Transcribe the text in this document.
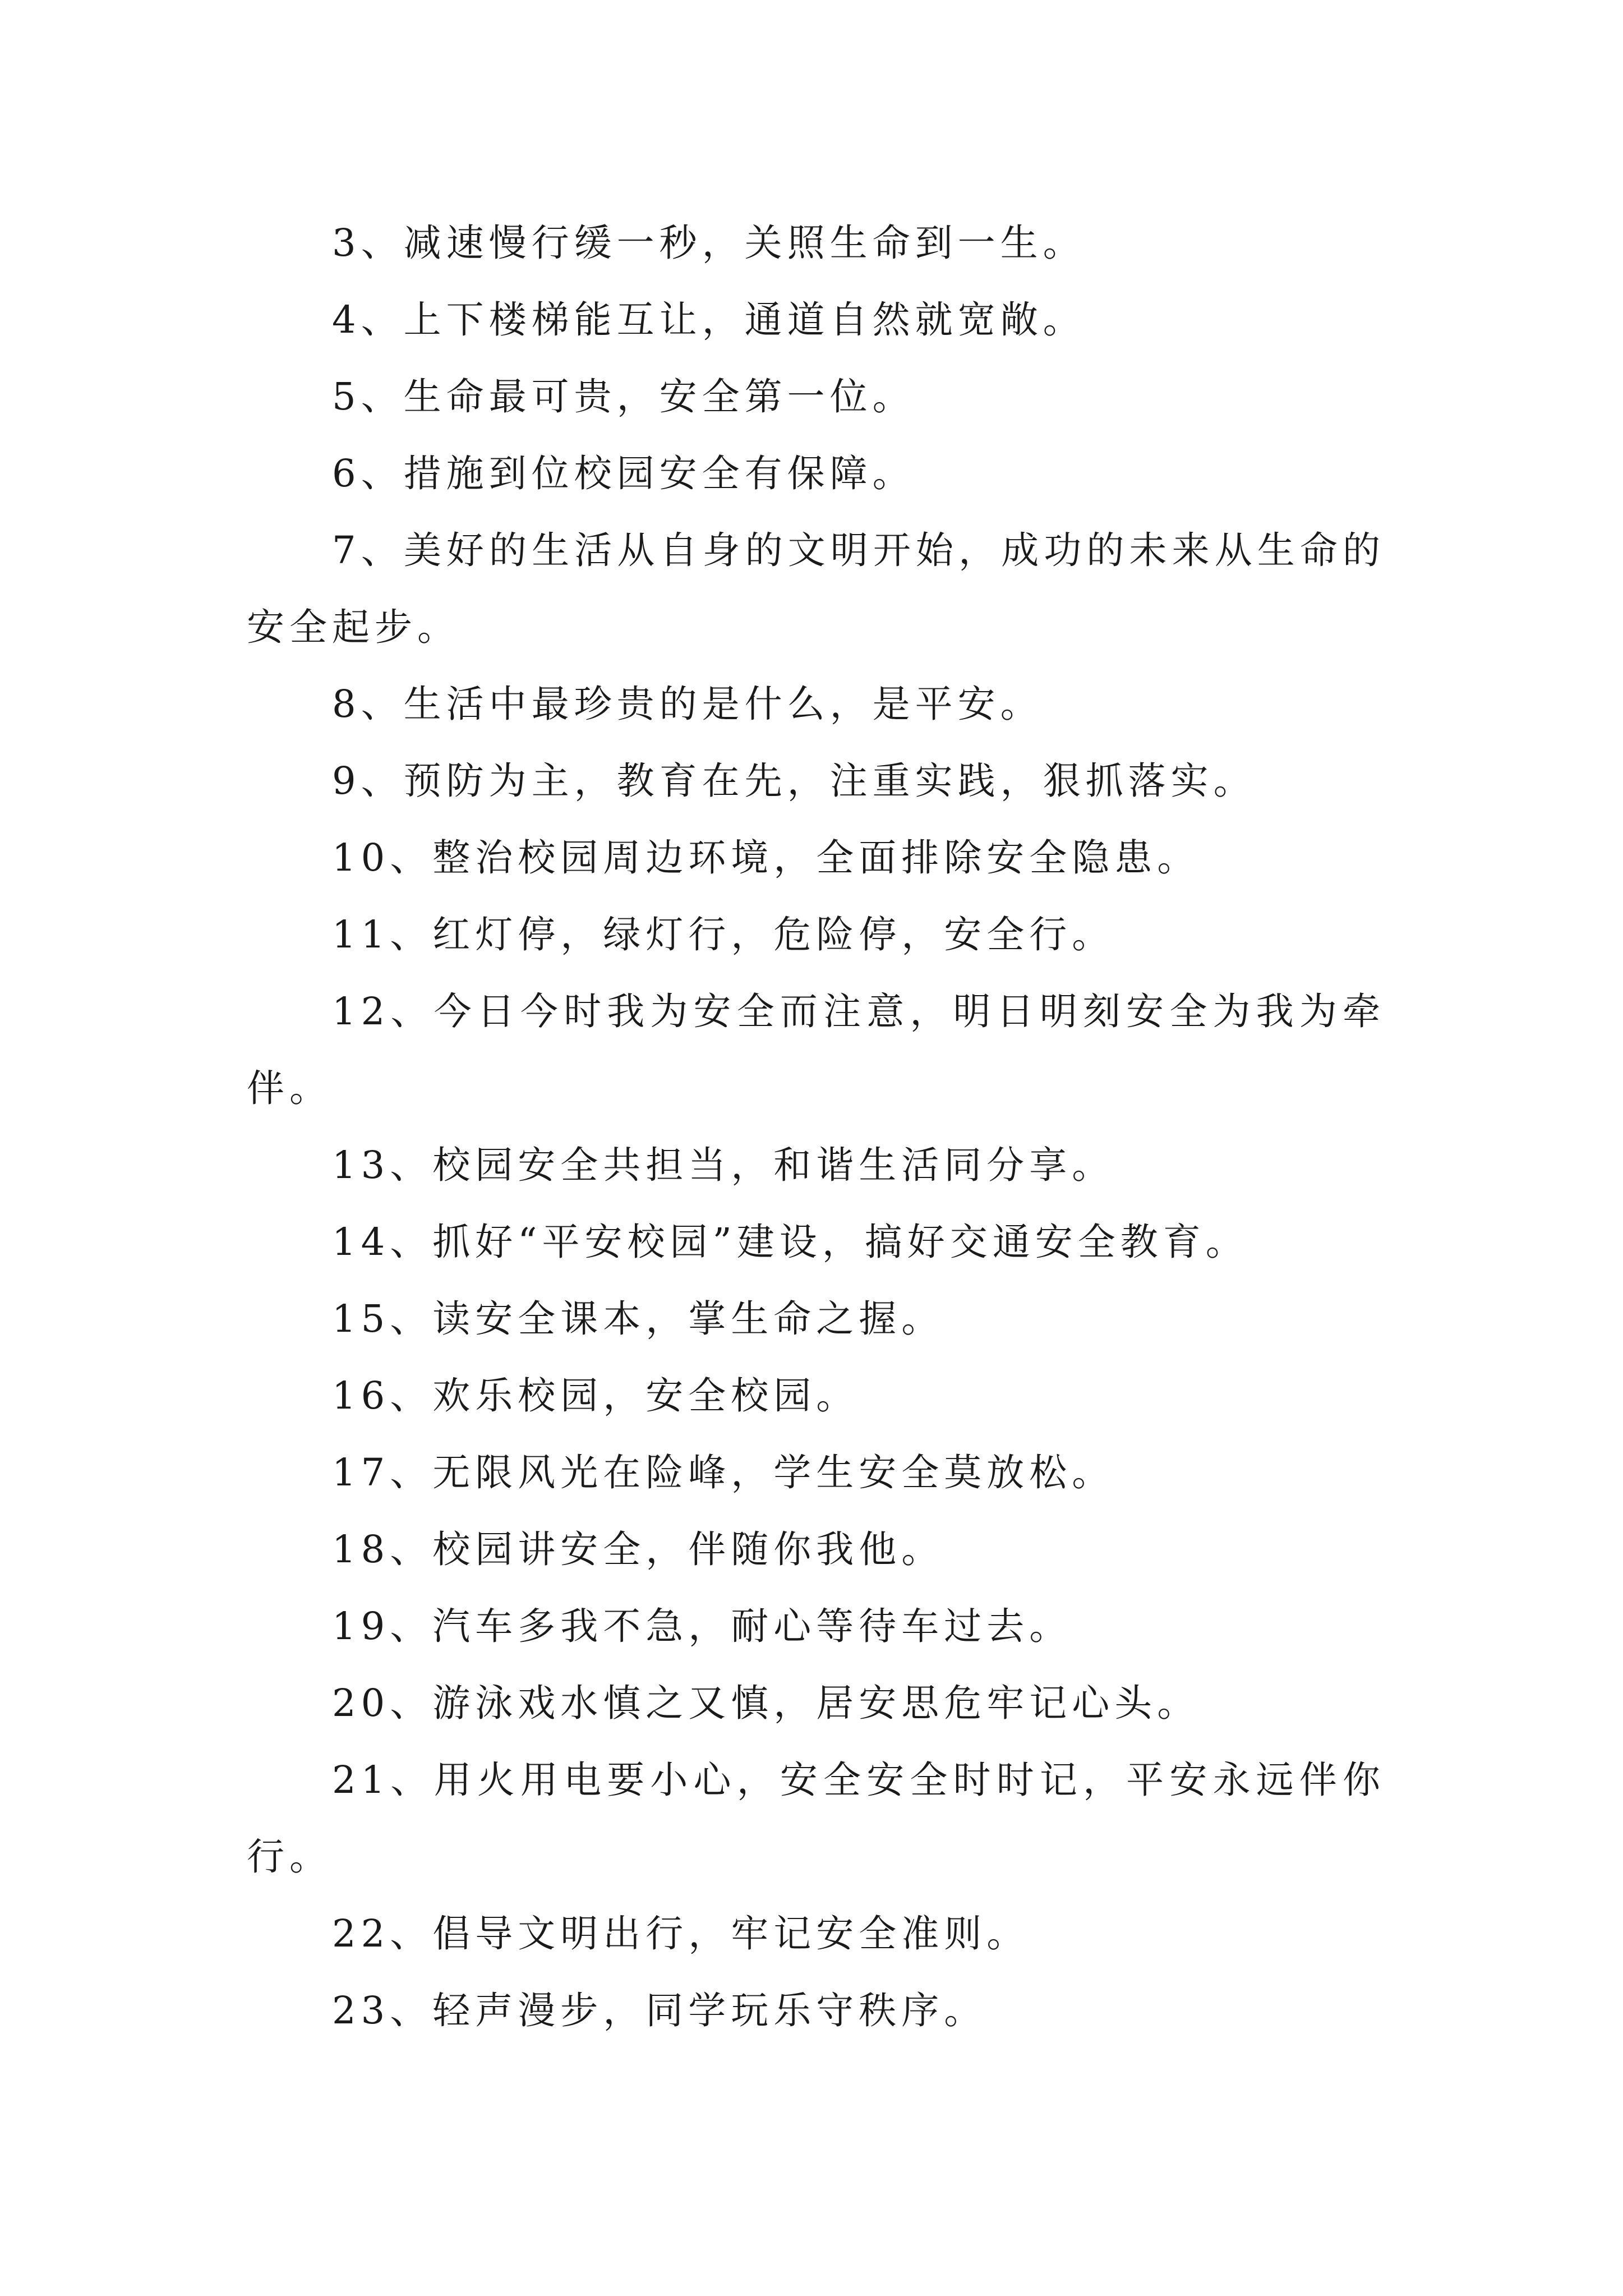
3、减速慢行缓一秒，关照生命到一生。

4、上下楼梯能互让，通道自然就宽敞。

5、生命最可贵，安全第一位。

6、措施到位校园安全有保障。

7、美好的生活从自身的文明开始，成功的未来从生命的安全起步。

8、生活中最珍贵的是什么，是平安。

9、预防为主，教育在先，注重实践，狠抓落实。

10、整治校园周边环境，全面排除安全隐患。

11、红灯停，绿灯行，危险停，安全行。

12、今日今时我为安全而注意，明日明刻安全为我为牵伴。

13、校园安全共担当，和谐生活同分享。

14、抓好“平安校园”建设，搞好交通安全教育。

15、读安全课本，掌生命之握。

16、欢乐校园，安全校园。

17、无限风光在险峰，学生安全莫放松。

18、校园讲安全，伴随你我他。

19、汽车多我不急，耐心等待车过去。

20、游泳戏水慎之又慎，居安思危牢记心头。

21、用火用电要小心，安全安全时时记，平安永远伴你行。

22、倡导文明出行，牢记安全准则。

23、轻声漫步，同学玩乐守秩序。
